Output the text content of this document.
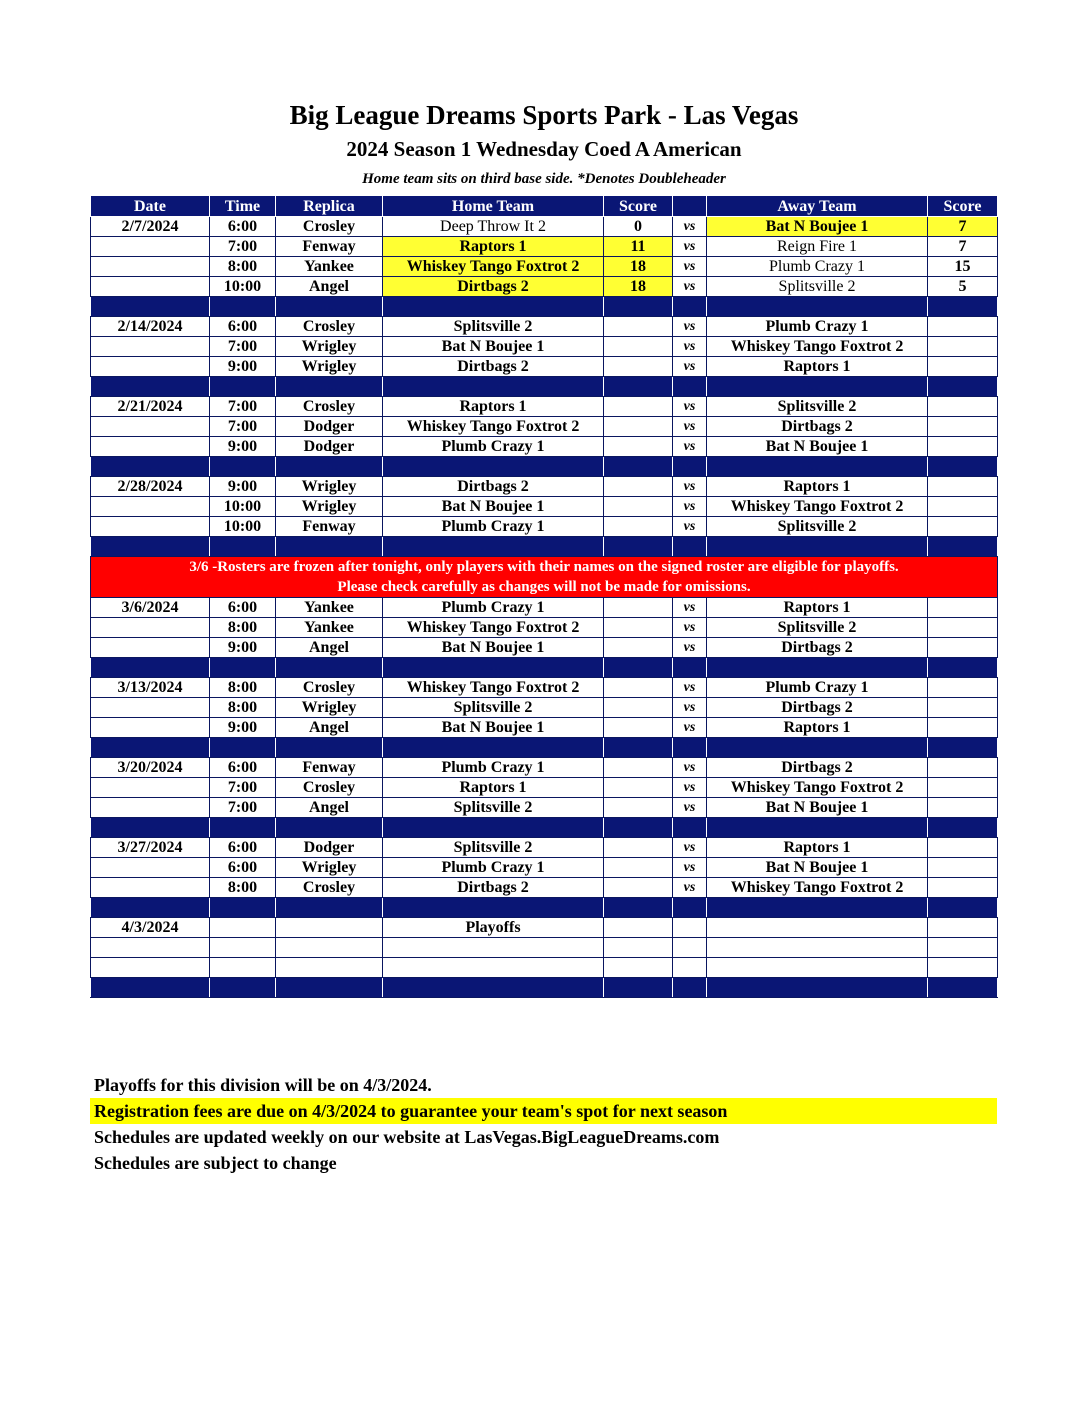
Big League Dreams Sports Park - Las Vegas
2024 Season 1 Wednesday Coed A American
Home team sits on third base side. *Denotes Doubleheader
Date	Time	Replica	Home Team	Score		Away Team	Score
2/7/2024	6:00	Crosley	Deep Throw It 2	0	vs	Bat N Boujee 1	7
	7:00	Fenway	Raptors 1	11	vs	Reign Fire 1	7
	8:00	Yankee	Whiskey Tango Foxtrot 2	18	vs	Plumb Crazy 1	15
	10:00	Angel	Dirtbags 2	18	vs	Splitsville 2	5

2/14/2024	6:00	Crosley	Splitsville 2		vs	Plumb Crazy 1	
	7:00	Wrigley	Bat N Boujee 1		vs	Whiskey Tango Foxtrot 2	
	9:00	Wrigley	Dirtbags 2		vs	Raptors 1	

2/21/2024	7:00	Crosley	Raptors 1		vs	Splitsville 2	
	7:00	Dodger	Whiskey Tango Foxtrot 2		vs	Dirtbags 2	
	9:00	Dodger	Plumb Crazy 1		vs	Bat N Boujee 1	

2/28/2024	9:00	Wrigley	Dirtbags 2		vs	Raptors 1	
	10:00	Wrigley	Bat N Boujee 1		vs	Whiskey Tango Foxtrot 2	
	10:00	Fenway	Plumb Crazy 1		vs	Splitsville 2	

3/6 -Rosters are frozen after tonight, only players with their names on the signed roster are eligible for playoffs.
Please check carefully as changes will not be made for omissions.							

3/6/2024	6:00	Yankee	Plumb Crazy 1		vs	Raptors 1	
	8:00	Yankee	Whiskey Tango Foxtrot 2		vs	Splitsville 2	
	9:00	Angel	Bat N Boujee 1		vs	Dirtbags 2	

3/13/2024	8:00	Crosley	Whiskey Tango Foxtrot 2		vs	Plumb Crazy 1	
	8:00	Wrigley	Splitsville 2		vs	Dirtbags 2	
	9:00	Angel	Bat N Boujee 1		vs	Raptors 1	

3/20/2024	6:00	Fenway	Plumb Crazy 1		vs	Dirtbags 2	
	7:00	Crosley	Raptors 1		vs	Whiskey Tango Foxtrot 2	
	7:00	Angel	Splitsville 2		vs	Bat N Boujee 1	

3/27/2024	6:00	Dodger	Splitsville 2		vs	Raptors 1	
	6:00	Wrigley	Plumb Crazy 1		vs	Bat N Boujee 1	
	8:00	Crosley	Dirtbags 2		vs	Whiskey Tango Foxtrot 2	

4/3/2024			Playoffs				

Playoffs for this division will be on 4/3/2024.
Registration fees are due on 4/3/2024 to guarantee your team's spot for next season
Schedules are updated weekly on our website at LasVegas.BigLeagueDreams.com
Schedules are subject to change
